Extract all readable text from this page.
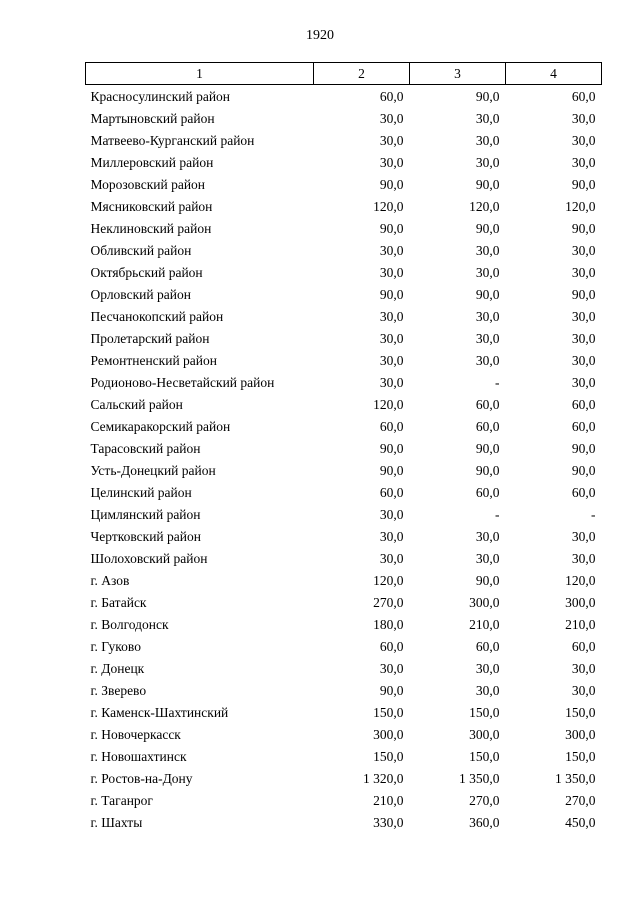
1920
1	2	3	4
Красносулинский район	60,0	90,0	60,0
Мартыновский район	30,0	30,0	30,0
Матвеево-Курганский район	30,0	30,0	30,0
Миллеровский район	30,0	30,0	30,0
Морозовский район	90,0	90,0	90,0
Мясниковский район	120,0	120,0	120,0
Неклиновский район	90,0	90,0	90,0
Обливский район	30,0	30,0	30,0
Октябрьский район	30,0	30,0	30,0
Орловский район	90,0	90,0	90,0
Песчанокопский район	30,0	30,0	30,0
Пролетарский район	30,0	30,0	30,0
Ремонтненский район	30,0	30,0	30,0
Родионово-Несветайский район	30,0	-	30,0
Сальский район	120,0	60,0	60,0
Семикаракорский район	60,0	60,0	60,0
Тарасовский район	90,0	90,0	90,0
Усть-Донецкий район	90,0	90,0	90,0
Целинский район	60,0	60,0	60,0
Цимлянский район	30,0	-	-
Чертковский район	30,0	30,0	30,0
Шолоховский район	30,0	30,0	30,0
г. Азов	120,0	90,0	120,0
г. Батайск	270,0	300,0	300,0
г. Волгодонск	180,0	210,0	210,0
г. Гуково	60,0	60,0	60,0
г. Донецк	30,0	30,0	30,0
г. Зверево	90,0	30,0	30,0
г. Каменск-Шахтинский	150,0	150,0	150,0
г. Новочеркасск	300,0	300,0	300,0
г. Новошахтинск	150,0	150,0	150,0
г. Ростов-на-Дону	1 320,0	1 350,0	1 350,0
г. Таганрог	210,0	270,0	270,0
г. Шахты	330,0	360,0	450,0
